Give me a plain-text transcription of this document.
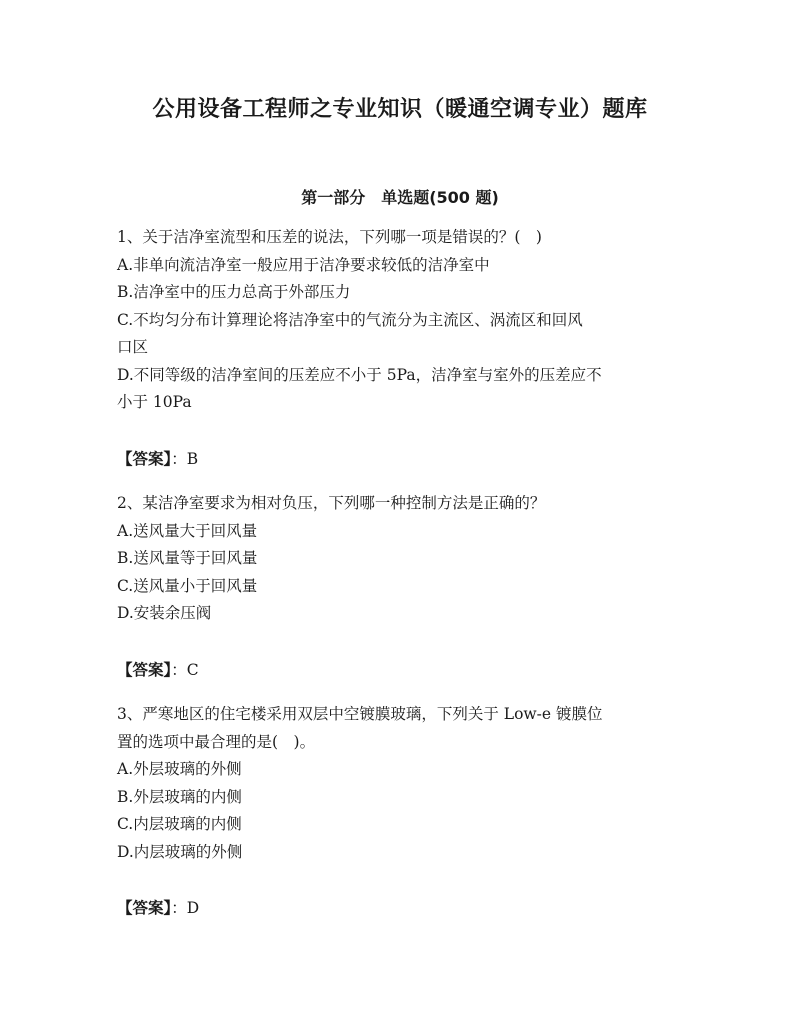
公用设备工程师之专业知识（暖通空调专业）题库
第一部分　单选题(500 题)
1、关于洁净室流型和压差的说法，下列哪一项是错误的？(　)
A.非单向流洁净室一般应用于洁净要求较低的洁净室中
B.洁净室中的压力总高于外部压力
C.不均匀分布计算理论将洁净室中的气流分为主流区、涡流区和回风
口区
D.不同等级的洁净室间的压差应不小于 5Pa，洁净室与室外的压差应不
小于 10Pa
【答案】：B
2、某洁净室要求为相对负压，下列哪一种控制方法是正确的？
A.送风量大于回风量
B.送风量等于回风量
C.送风量小于回风量
D.安装余压阀
【答案】：C
3、严寒地区的住宅楼采用双层中空镀膜玻璃，下列关于 Low-e 镀膜位
置的选项中最合理的是(　)。
A.外层玻璃的外侧
B.外层玻璃的内侧
C.内层玻璃的内侧
D.内层玻璃的外侧
【答案】：D
